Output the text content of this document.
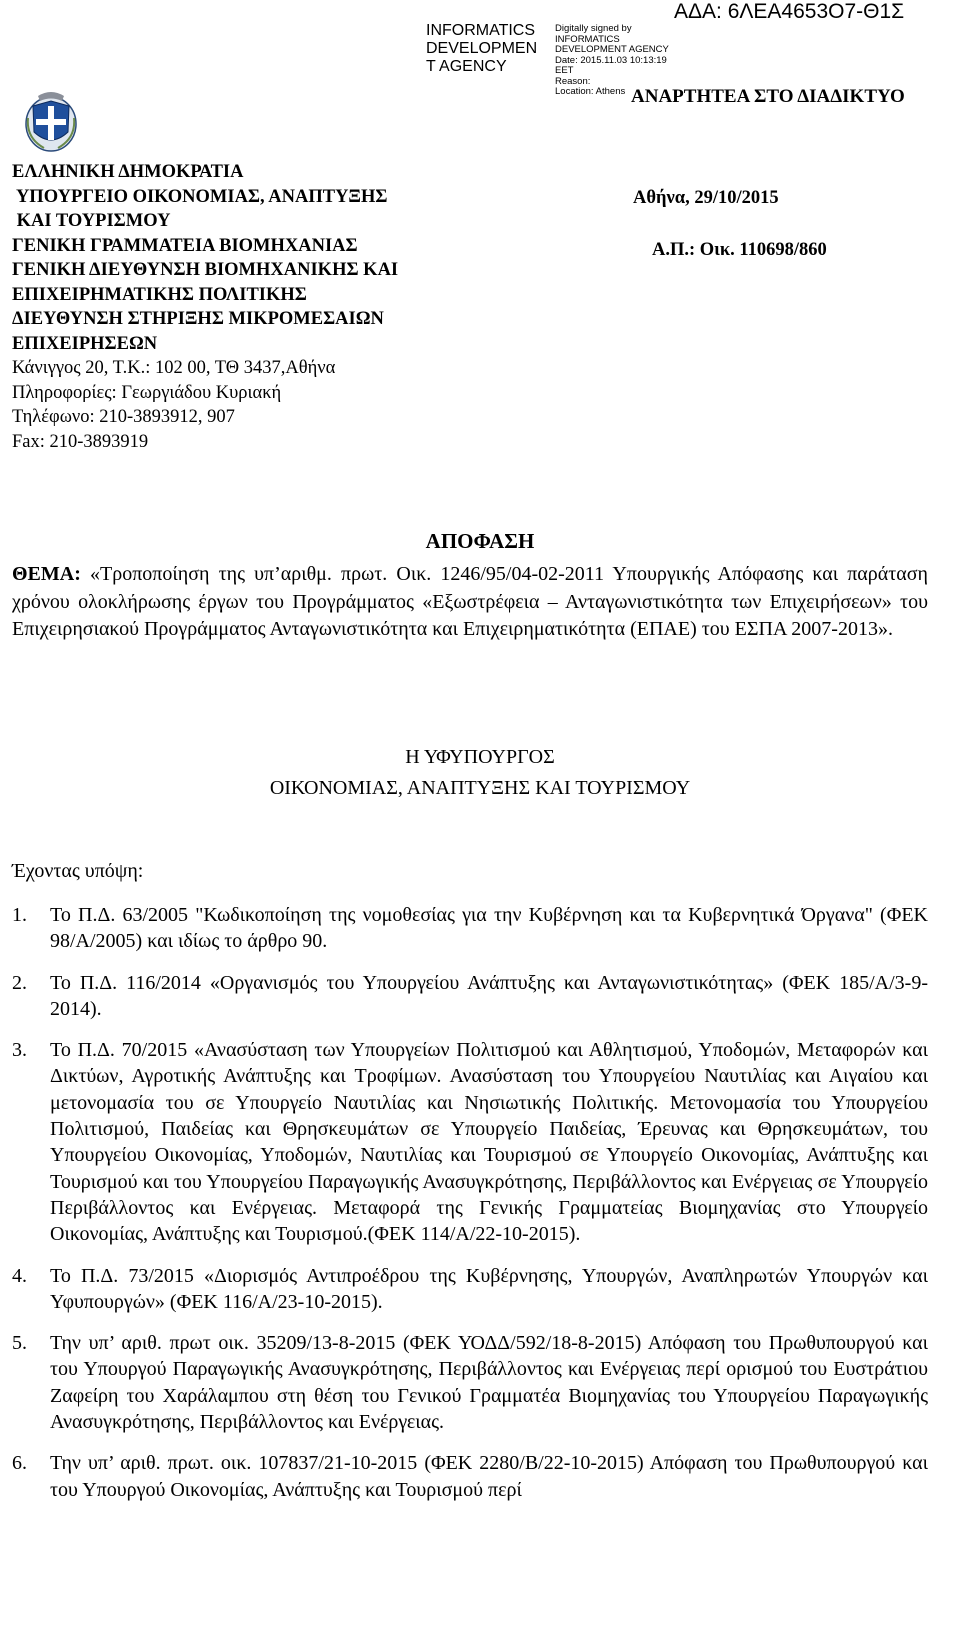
INFORMATICS
DEVELOPMEN
T AGENCY
Digitally signed by
INFORMATICS
DEVELOPMENT AGENCY
Date: 2015.11.03 10:13:19
EET
Reason:
Location: Athens
ΑΔΑ: 6ΛΕΑ4653Ο7-Θ1Σ
ΑΝΑΡΤΗΤΕΑ ΣΤΟ ΔΙΑΔΙΚΤΥΟ
ΕΛΛΗΝΙΚΗ ΔΗΜΟΚΡΑΤΙΑ
ΥΠΟΥΡΓΕΙΟ ΟΙΚΟΝΟΜΙΑΣ, ΑΝΑΠΤΥΞΗΣ
ΚΑΙ ΤΟΥΡΙΣΜΟΥ
ΓΕΝΙΚΗ ΓΡΑΜΜΑΤΕΙΑ ΒΙΟΜΗΧΑΝΙΑΣ
ΓΕΝΙΚΗ ΔΙΕΥΘΥΝΣΗ ΒΙΟΜΗΧΑΝΙΚΗΣ ΚΑΙ
ΕΠΙΧΕΙΡΗΜΑΤΙΚΗΣ ΠΟΛΙΤΙΚΗΣ
ΔΙΕΥΘΥΝΣΗ ΣΤΗΡΙΞΗΣ ΜΙΚΡΟΜΕΣΑΙΩΝ
ΕΠΙΧΕΙΡΗΣΕΩΝ
Κάνιγγος 20, Τ.Κ.: 102 00, ΤΘ 3437,Αθήνα
Πληροφορίες: Γεωργιάδου Κυριακή
Τηλέφωνο: 210-3893912, 907
Fax: 210-3893919
Αθήνα, 29/10/2015
Α.Π.: Οικ. 110698/860
ΑΠΟΦΑΣΗ
ΘΕΜΑ: «Τροποποίηση της υπ’αριθμ. πρωτ. Οικ. 1246/95/04-02-2011 Υπουργικής Απόφασης και παράταση χρόνου ολοκλήρωσης έργων του Προγράμματος «Εξωστρέφεια – Ανταγωνιστικότητα των Επιχειρήσεων» του Επιχειρησιακού Προγράμματος Ανταγωνιστικότητα και Επιχειρηματικότητα (ΕΠΑΕ) του ΕΣΠΑ 2007-2013».
Η ΥΦΥΠΟΥΡΓΟΣ
ΟΙΚΟΝΟΜΙΑΣ, ΑΝΑΠΤΥΞΗΣ ΚΑΙ ΤΟΥΡΙΣΜΟΥ
Έχοντας υπόψη:
1. Το Π.Δ. 63/2005 "Κωδικοποίηση της νομοθεσίας για την Κυβέρνηση και τα Κυβερνητικά Όργανα" (ΦΕΚ 98/Α/2005) και ιδίως το άρθρο 90.
2. Το Π.Δ. 116/2014 «Οργανισμός του Υπουργείου Ανάπτυξης και Ανταγωνιστικότητας» (ΦΕΚ 185/Α/3-9-2014).
3. Το Π.Δ. 70/2015 «Ανασύσταση των Υπουργείων Πολιτισμού και Αθλητισμού, Υποδομών, Μεταφορών και Δικτύων, Αγροτικής Ανάπτυξης και Τροφίμων. Ανασύσταση του Υπουργείου Ναυτιλίας και Αιγαίου και μετονομασία του σε Υπουργείο Ναυτιλίας και Νησιωτικής Πολιτικής. Μετονομασία του Υπουργείου Πολιτισμού, Παιδείας και Θρησκευμάτων σε Υπουργείο Παιδείας, Έρευνας και Θρησκευμάτων, του Υπουργείου Οικονομίας, Υποδομών, Ναυτιλίας και Τουρισμού σε Υπουργείο Οικονομίας, Ανάπτυξης και Τουρισμού και του Υπουργείου Παραγωγικής Ανασυγκρότησης, Περιβάλλοντος και Ενέργειας σε Υπουργείο Περιβάλλοντος και Ενέργειας. Μεταφορά της Γενικής Γραμματείας Βιομηχανίας στο Υπουργείο Οικονομίας, Ανάπτυξης και Τουρισμού.(ΦΕΚ 114/Α/22-10-2015).
4. Το Π.Δ. 73/2015 «Διορισμός Αντιπροέδρου της Κυβέρνησης, Υπουργών, Αναπληρωτών Υπουργών και Υφυπουργών» (ΦΕΚ 116/Α/23-10-2015).
5. Την υπ’ αριθ. πρωτ οικ. 35209/13-8-2015 (ΦΕΚ ΥΟΔΔ/592/18-8-2015) Απόφαση του Πρωθυπουργού και του Υπουργού Παραγωγικής Ανασυγκρότησης, Περιβάλλοντος και Ενέργειας περί ορισμού του Ευστράτιου Ζαφείρη του Χαράλαμπου στη θέση του Γενικού Γραμματέα Βιομηχανίας του Υπουργείου Παραγωγικής Ανασυγκρότησης, Περιβάλλοντος και Ενέργειας.
6. Την υπ’ αριθ. πρωτ. οικ. 107837/21-10-2015 (ΦΕΚ 2280/Β/22-10-2015) Απόφαση του Πρωθυπουργού και του Υπουργού Οικονομίας, Ανάπτυξης και Τουρισμού περί
